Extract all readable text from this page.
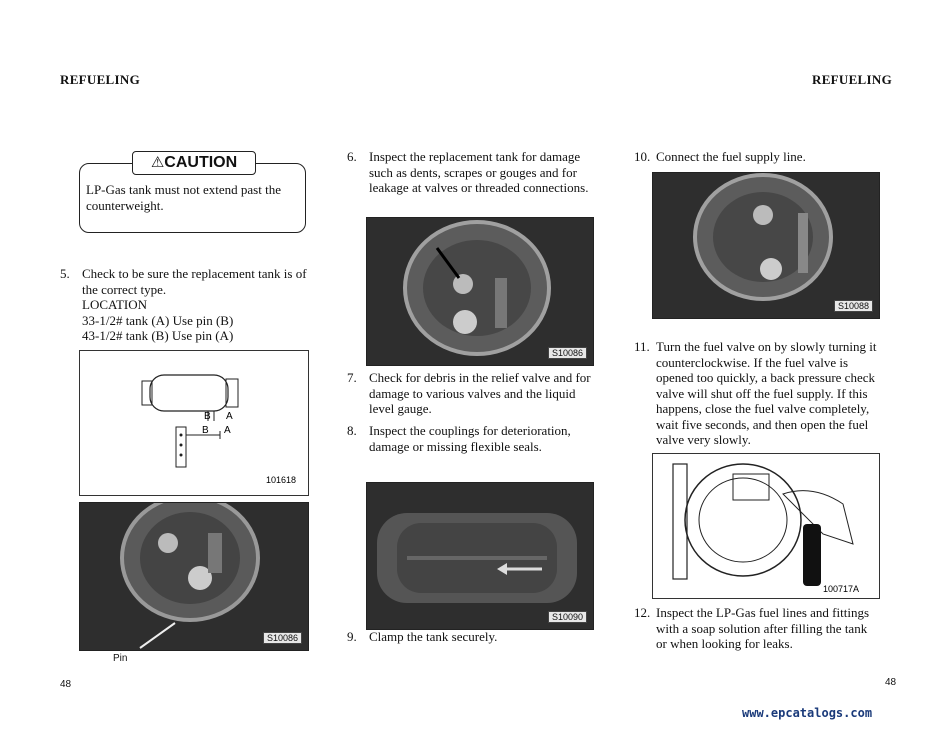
REFUELING	REFUELING
⚠CAUTION
LP-Gas tank must not extend past the counterweight.
5. Check to be sure the replacement tank is of
the correct type.
LOCATION
33-1/2# tank (A) Use pin (B)
43-1/2# tank (B) Use pin (A)
B A
B A
101618
S10086
Pin
6. Inspect the replacement tank for damage
such as dents, scrapes or gouges and for
leakage at valves or threaded connections.
S10086
7. Check for debris in the relief valve and for
damage to various valves and the liquid
level gauge.
8. Inspect the couplings for deterioration,
damage or missing flexible seals.
S10090
9. Clamp the tank securely.
10. Connect the fuel supply line.
S10088
11. Turn the fuel valve on by slowly turning it
counterclockwise. If the fuel valve is
opened too quickly, a back pressure check
valve will shut off the fuel supply. If this
happens, close the fuel valve completely,
wait five seconds, and then open the fuel
valve very slowly.
100717A
12. Inspect the LP-Gas fuel lines and fittings
with a soap solution after filling the tank
or when looking for leaks.
48	48
www.epcatalogs.com
